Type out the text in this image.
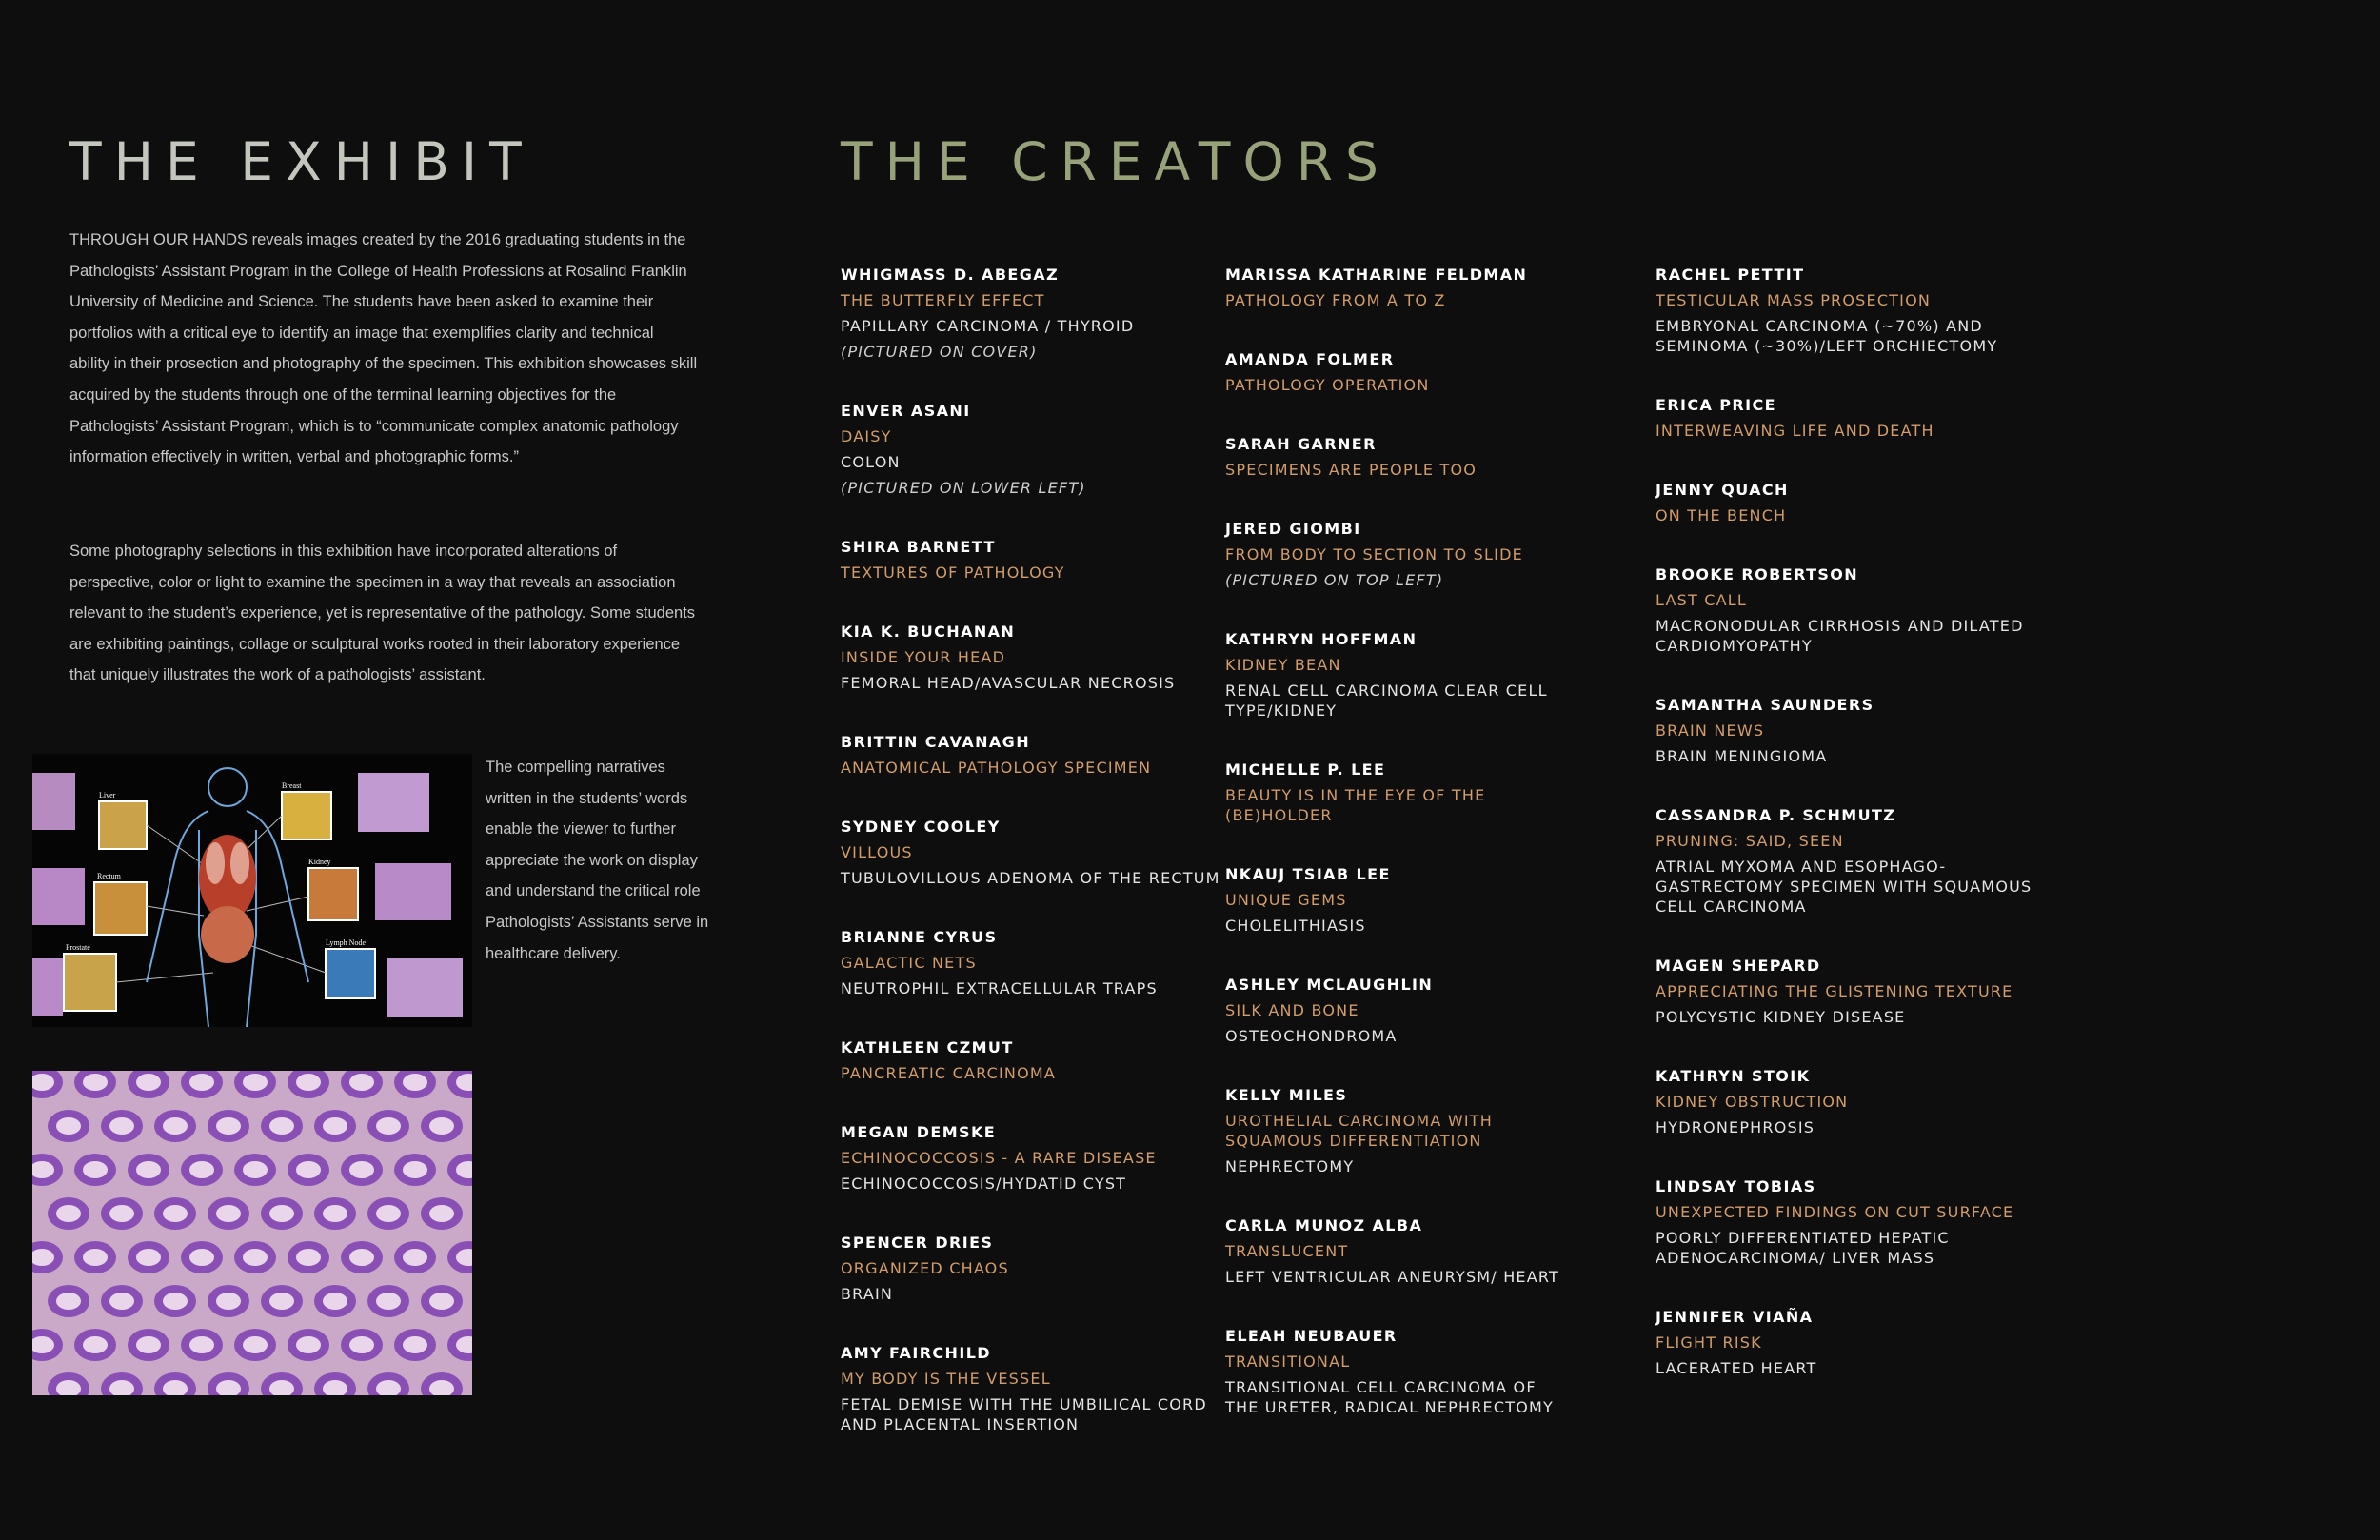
THE EXHIBIT	THE CREATORS

THROUGH OUR HANDS reveals images created by the 2016 graduating students in the Pathologists’ Assistant Program in the College of Health Professions at Rosalind Franklin University of Medicine and Science. The students have been asked to examine their portfolios with a critical eye to identify an image that exemplifies clarity and technical ability in their prosection and photography of the specimen. This exhibition showcases skill acquired by the students through one of the terminal learning objectives for the Pathologists’ Assistant Program, which is to “communicate complex anatomic pathology information effectively in written, verbal and photographic forms.”

Some photography selections in this exhibition have incorporated alterations of perspective, color or light to examine the specimen in a way that reveals an association relevant to the student’s experience, yet is representative of the pathology. Some students are exhibiting paintings, collage or sculptural works rooted in their laboratory experience that uniquely illustrates the work of a pathologists’ assistant.

Liver
Breast
Rectum
Kidney
Prostate
Lymph Node

The compelling narratives written in the students’ words enable the viewer to further appreciate the work on display and understand the critical role Pathologists’ Assistants serve in healthcare delivery.

WHIGMASS D. ABEGAZ
THE BUTTERFLY EFFECT
PAPILLARY CARCINOMA / THYROID
(PICTURED ON COVER)
ENVER ASANI
DAISY
COLON
(PICTURED ON LOWER LEFT)
SHIRA BARNETT
TEXTURES OF PATHOLOGY
KIA K. BUCHANAN
INSIDE YOUR HEAD
FEMORAL HEAD/AVASCULAR NECROSIS
BRITTIN CAVANAGH
ANATOMICAL PATHOLOGY SPECIMEN
SYDNEY COOLEY
VILLOUS
TUBULOVILLOUS ADENOMA OF THE RECTUM
BRIANNE CYRUS
GALACTIC NETS
NEUTROPHIL EXTRACELLULAR TRAPS
KATHLEEN CZMUT
PANCREATIC CARCINOMA
MEGAN DEMSKE
ECHINOCOCCOSIS - A RARE DISEASE
ECHINOCOCCOSIS/HYDATID CYST
SPENCER DRIES
ORGANIZED CHAOS
BRAIN
AMY FAIRCHILD
MY BODY IS THE VESSEL
FETAL DEMISE WITH THE UMBILICAL CORD AND PLACENTAL INSERTION
MARISSA KATHARINE FELDMAN
PATHOLOGY FROM A TO Z
AMANDA FOLMER
PATHOLOGY OPERATION
SARAH GARNER
SPECIMENS ARE PEOPLE TOO
JERED GIOMBI
FROM BODY TO SECTION TO SLIDE
(PICTURED ON TOP LEFT)
KATHRYN HOFFMAN
KIDNEY BEAN
RENAL CELL CARCINOMA CLEAR CELL TYPE/KIDNEY
MICHELLE P. LEE
BEAUTY IS IN THE EYE OF THE (BE)HOLDER
NKAUJ TSIAB LEE
UNIQUE GEMS
CHOLELITHIASIS
ASHLEY MCLAUGHLIN
SILK AND BONE
OSTEOCHONDROMA
KELLY MILES
UROTHELIAL CARCINOMA WITH SQUAMOUS DIFFERENTIATION
NEPHRECTOMY
CARLA MUNOZ ALBA
TRANSLUCENT
LEFT VENTRICULAR ANEURYSM/ HEART
ELEAH NEUBAUER
TRANSITIONAL
TRANSITIONAL CELL CARCINOMA OF THE URETER, RADICAL NEPHRECTOMY
RACHEL PETTIT
TESTICULAR MASS PROSECTION
EMBRYONAL CARCINOMA (~70%) AND SEMINOMA (~30%)/LEFT ORCHIECTOMY
ERICA PRICE
INTERWEAVING LIFE AND DEATH
JENNY QUACH
ON THE BENCH
BROOKE ROBERTSON
LAST CALL
MACRONODULAR CIRRHOSIS AND DILATED CARDIOMYOPATHY
SAMANTHA SAUNDERS
BRAIN NEWS
BRAIN MENINGIOMA
CASSANDRA P. SCHMUTZ
PRUNING: SAID, SEEN
ATRIAL MYXOMA AND ESOPHAGO-GASTRECTOMY SPECIMEN WITH SQUAMOUS CELL CARCINOMA
MAGEN SHEPARD
APPRECIATING THE GLISTENING TEXTURE
POLYCYSTIC KIDNEY DISEASE
KATHRYN STOIK
KIDNEY OBSTRUCTION
HYDRONEPHROSIS
LINDSAY TOBIAS
UNEXPECTED FINDINGS ON CUT SURFACE
POORLY DIFFERENTIATED HEPATIC ADENOCARCINOMA/ LIVER MASS
JENNIFER VIAÑA
FLIGHT RISK
LACERATED HEART
